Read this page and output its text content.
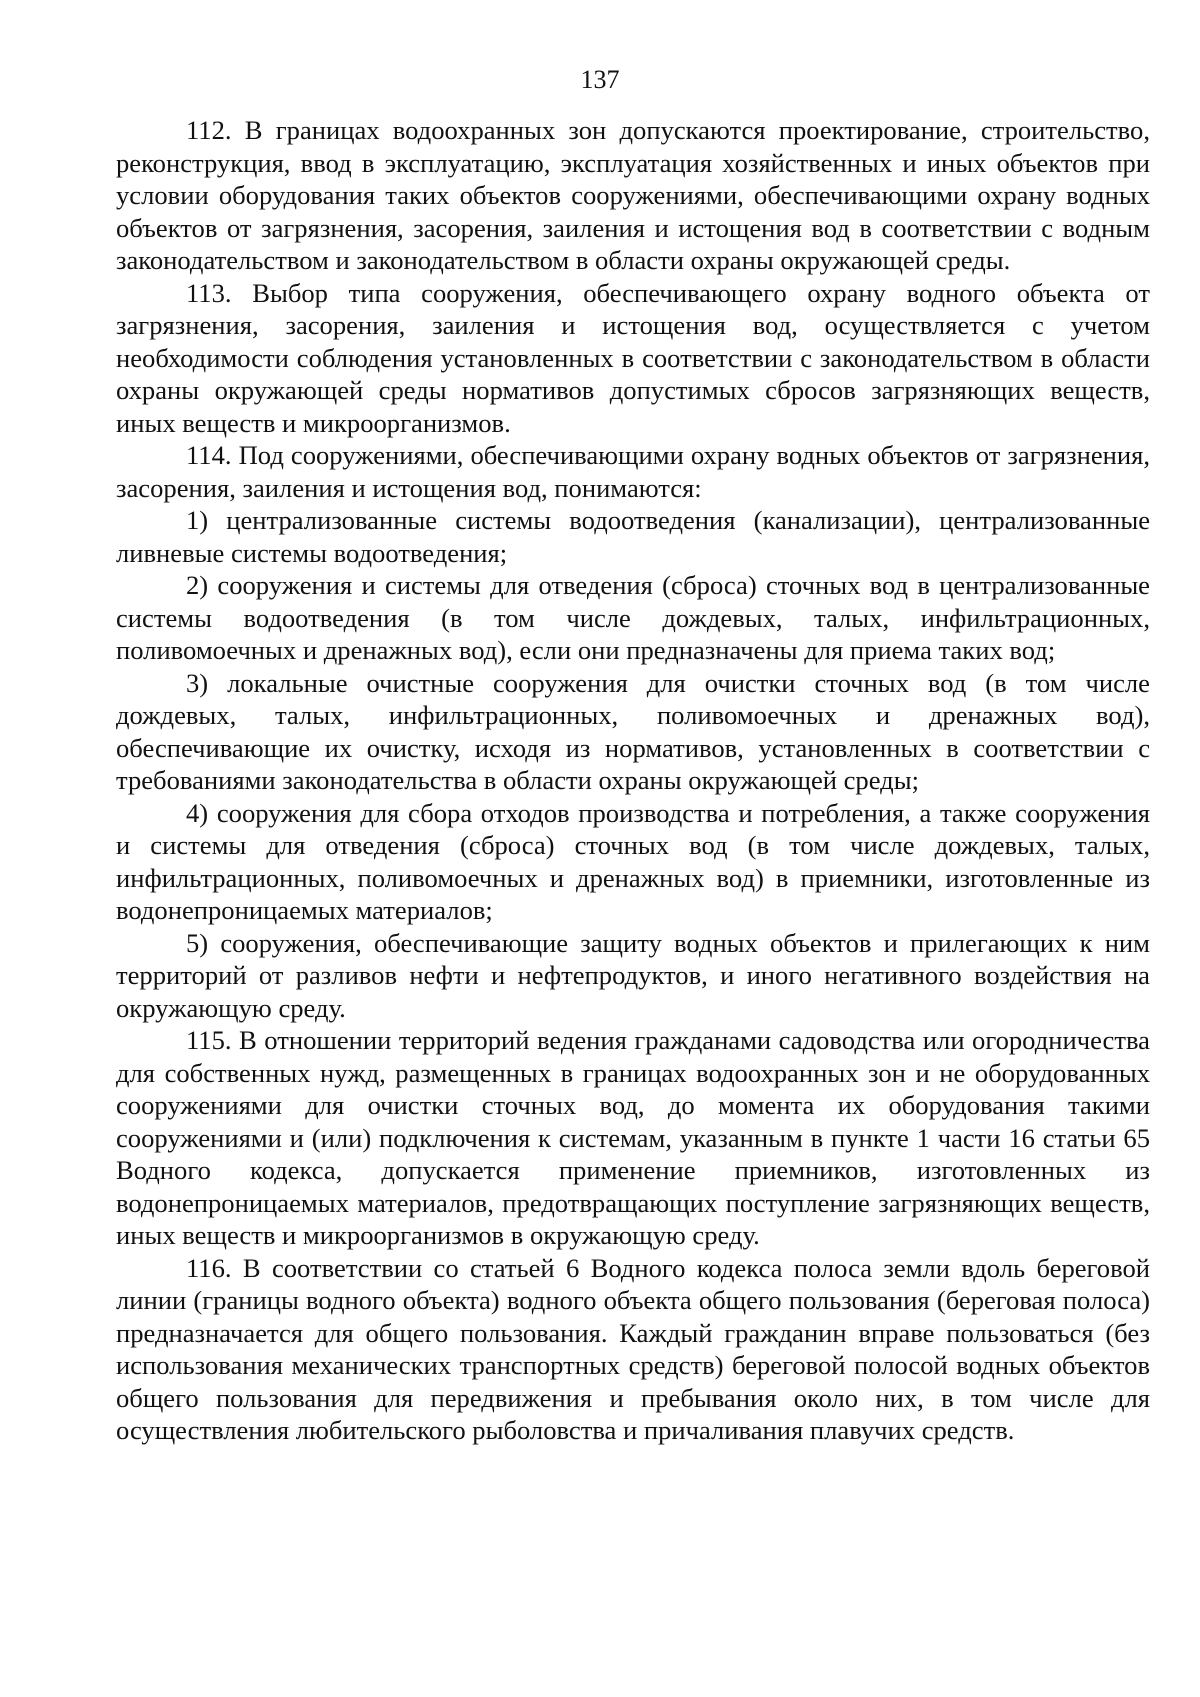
137

112. В границах водоохранных зон допускаются проектирование, строительство, реконструкция, ввод в эксплуатацию, эксплуатация хозяйственных и иных объектов при условии оборудования таких объектов сооружениями, обеспечивающими охрану водных объектов от загрязнения, засорения, заиления и истощения вод в соответствии с водным законодательством и законодательством в области охраны окружающей среды.

113. Выбор типа сооружения, обеспечивающего охрану водного объекта от загрязнения, засорения, заиления и истощения вод, осуществляется с учетом необходимости соблюдения установленных в соответствии с законодательством в области охраны окружающей среды нормативов допустимых сбросов загрязняющих веществ, иных веществ и микроорганизмов.

114. Под сооружениями, обеспечивающими охрану водных объектов от загрязнения, засорения, заиления и истощения вод, понимаются:

1) централизованные системы водоотведения (канализации), централизованные ливневые системы водоотведения;

2) сооружения и системы для отведения (сброса) сточных вод в централизованные системы водоотведения (в том числе дождевых, талых, инфильтрационных, поливомоечных и дренажных вод), если они предназначены для приема таких вод;

3) локальные очистные сооружения для очистки сточных вод (в том числе дождевых, талых, инфильтрационных, поливомоечных и дренажных вод), обеспечивающие их очистку, исходя из нормативов, установленных в соответствии с требованиями законодательства в области охраны окружающей среды;

4) сооружения для сбора отходов производства и потребления, а также сооружения и системы для отведения (сброса) сточных вод (в том числе дождевых, талых, инфильтрационных, поливомоечных и дренажных вод) в приемники, изготовленные из водонепроницаемых материалов;

5) сооружения, обеспечивающие защиту водных объектов и прилегающих к ним территорий от разливов нефти и нефтепродуктов, и иного негативного воздействия на окружающую среду.

115. В отношении территорий ведения гражданами садоводства или огородничества для собственных нужд, размещенных в границах водоохранных зон и не оборудованных сооружениями для очистки сточных вод, до момента их оборудования такими сооружениями и (или) подключения к системам, указанным в пункте 1 части 16 статьи 65 Водного кодекса, допускается применение приемников, изготовленных из водонепроницаемых материалов, предотвращающих поступление загрязняющих веществ, иных веществ и микроорганизмов в окружающую среду.

116. В соответствии со статьей 6 Водного кодекса полоса земли вдоль береговой линии (границы водного объекта) водного объекта общего пользования (береговая полоса) предназначается для общего пользования. Каждый гражданин вправе пользоваться (без использования механических транспортных средств) береговой полосой водных объектов общего пользования для передвижения и пребывания около них, в том числе для осуществления любительского рыболовства и причаливания плавучих средств.
